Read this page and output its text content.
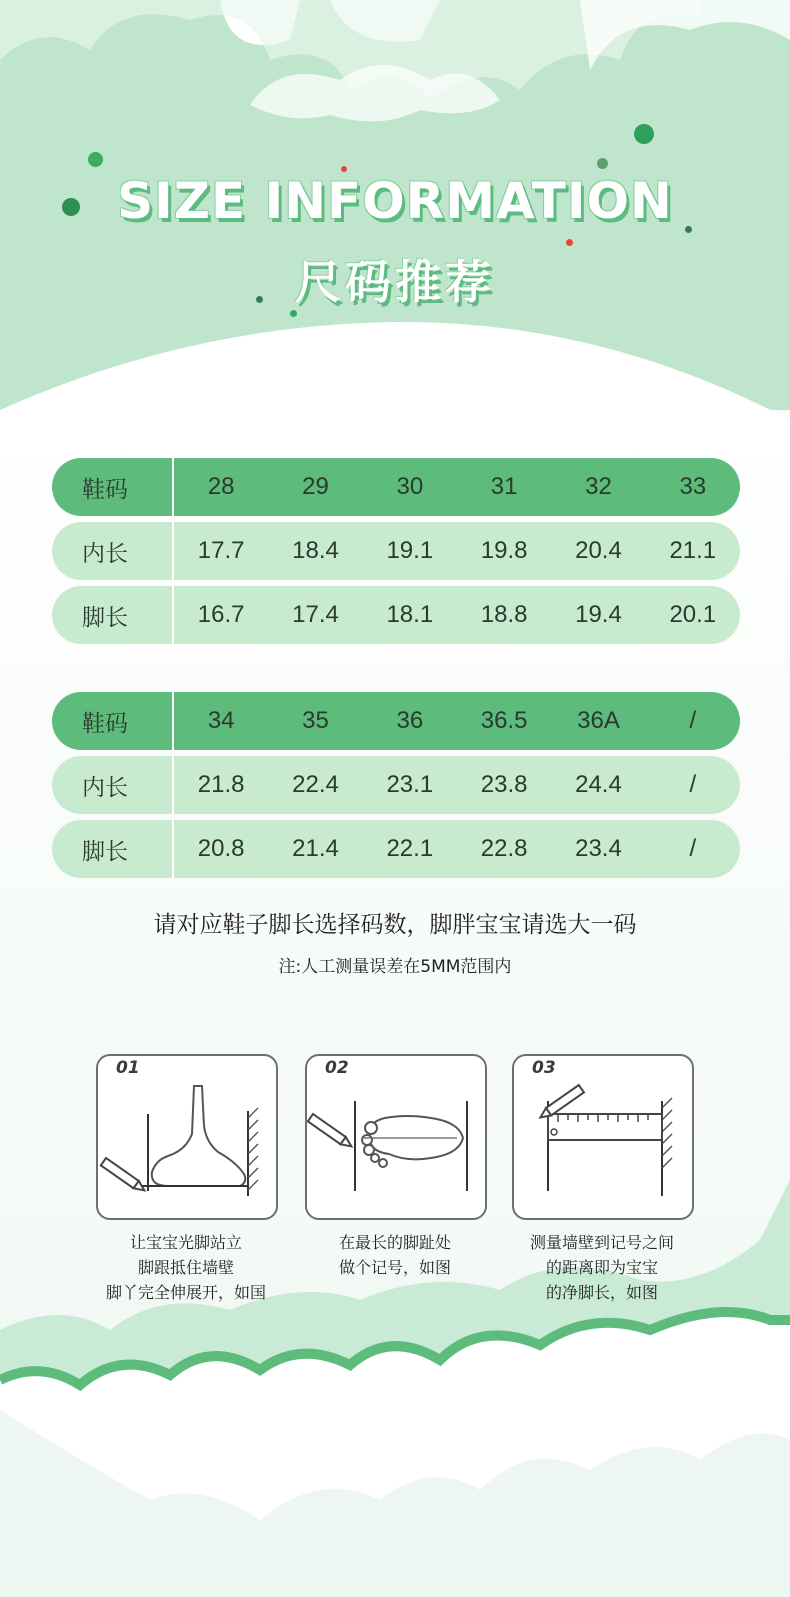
SIZE INFORMATION
尺码推荐
鞋码	28	29	30	31	32	33
内长	17.7	18.4	19.1	19.8	20.4	21.1
脚长	16.7	17.4	18.1	18.8	19.4	20.1
鞋码	34	35	36	36.5	36A	/
内长	21.8	22.4	23.1	23.8	24.4	/
脚长	20.8	21.4	22.1	22.8	23.4	/
请对应鞋子脚长选择码数，脚胖宝宝请选大一码
注:人工测量误差在5MM范围内
01
让宝宝光脚站立
脚跟抵住墙壁
脚丫完全伸展开，如国
02
在最长的脚趾处
做个记号，如图
03
测量墙壁到记号之间
的距离即为宝宝
的净脚长，如图
